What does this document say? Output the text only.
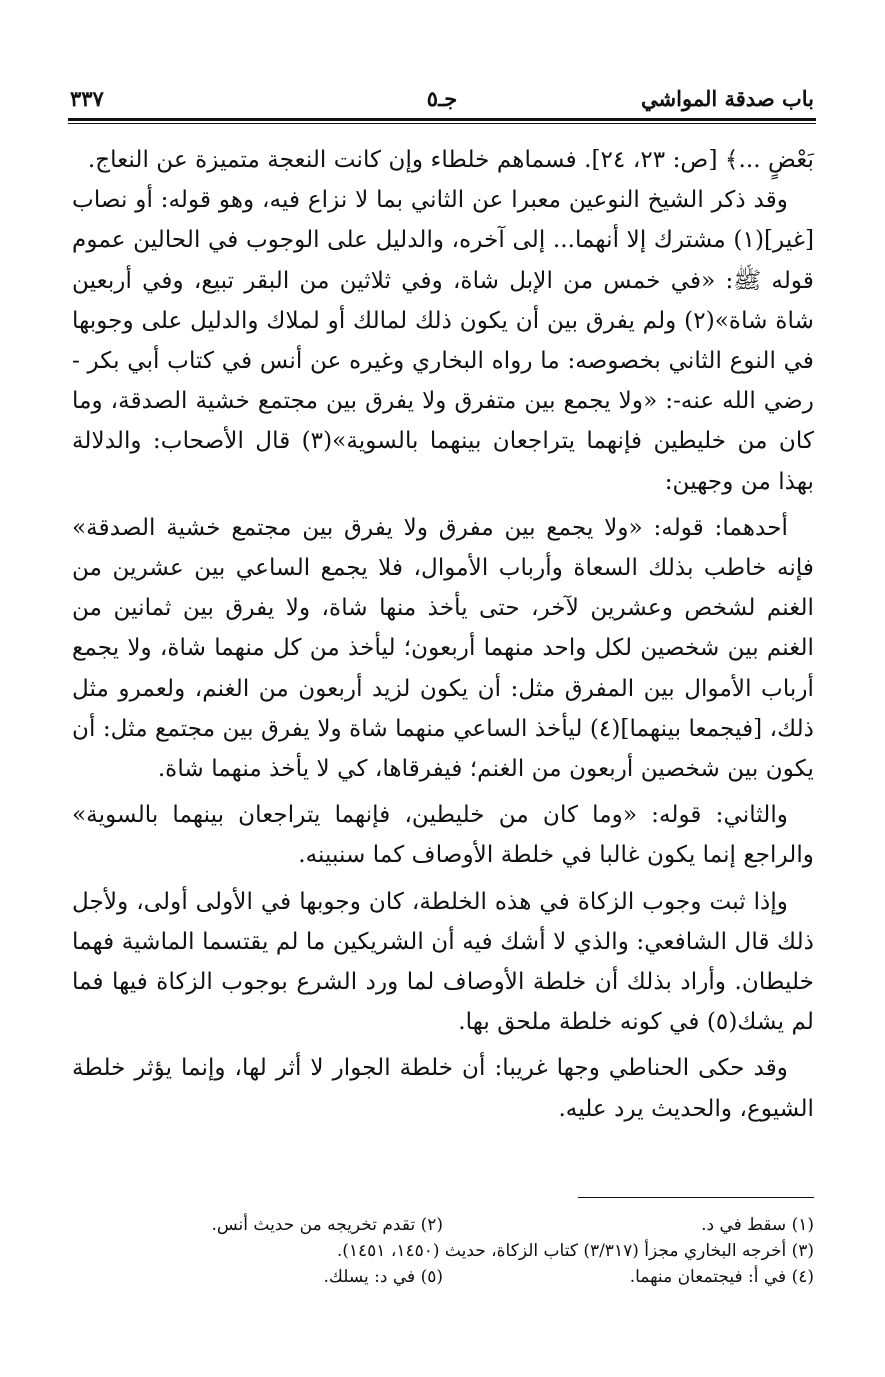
باب صدقة المواشي
جـ٥
٣٣٧

بَعْضٍ ...﴾ [ص: ٢٣، ٢٤]. فسماهم خلطاء وإن كانت النعجة متميزة عن النعاج.

وقد ذكر الشيخ النوعين معبرا عن الثاني بما لا نزاع فيه، وهو قوله: أو نصاب [غير](١) مشترك إلا أنهما... إلى آخره، والدليل على الوجوب في الحالين عموم قوله ﷺ: «في خمس من الإبل شاة، وفي ثلاثين من البقر تبيع، وفي أربعين شاة شاة»(٢) ولم يفرق بين أن يكون ذلك لمالك أو لملاك والدليل على وجوبها في النوع الثاني بخصوصه: ما رواه البخاري وغيره عن أنس في كتاب أبي بكر - رضي الله عنه-: «ولا يجمع بين متفرق ولا يفرق بين مجتمع خشية الصدقة، وما كان من خليطين فإنهما يتراجعان بينهما بالسوية»(٣) قال الأصحاب: والدلالة بهذا من وجهين:

أحدهما: قوله: «ولا يجمع بين مفرق ولا يفرق بين مجتمع خشية الصدقة» فإنه خاطب بذلك السعاة وأرباب الأموال، فلا يجمع الساعي بين عشرين من الغنم لشخص وعشرين لآخر، حتى يأخذ منها شاة، ولا يفرق بين ثمانين من الغنم بين شخصين لكل واحد منهما أربعون؛ ليأخذ من كل منهما شاة، ولا يجمع أرباب الأموال بين المفرق مثل: أن يكون لزيد أربعون من الغنم، ولعمرو مثل ذلك، [فيجمعا بينهما](٤) ليأخذ الساعي منهما شاة ولا يفرق بين مجتمع مثل: أن يكون بين شخصين أربعون من الغنم؛ فيفرقاها، كي لا يأخذ منهما شاة.

والثاني: قوله: «وما كان من خليطين، فإنهما يتراجعان بينهما بالسوية» والراجع إنما يكون غالبا في خلطة الأوصاف كما سنبينه.

وإذا ثبت وجوب الزكاة في هذه الخلطة، كان وجوبها في الأولى أولى، ولأجل ذلك قال الشافعي: والذي لا أشك فيه أن الشريكين ما لم يقتسما الماشية فهما خليطان. وأراد بذلك أن خلطة الأوصاف لما ورد الشرع بوجوب الزكاة فيها فما لم يشك(٥) في كونه خلطة ملحق بها.

وقد حكى الحناطي وجها غريبا: أن خلطة الجوار لا أثر لها، وإنما يؤثر خلطة الشيوع، والحديث يرد عليه.

(١) سقط في د.
(٢) تقدم تخريجه من حديث أنس.
(٣) أخرجه البخاري مجزأ (٣/٣١٧) كتاب الزكاة، حديث (١٤٥٠، ١٤٥١).
(٤) في أ: فيجتمعان منهما.
(٥) في د: يسلك.
